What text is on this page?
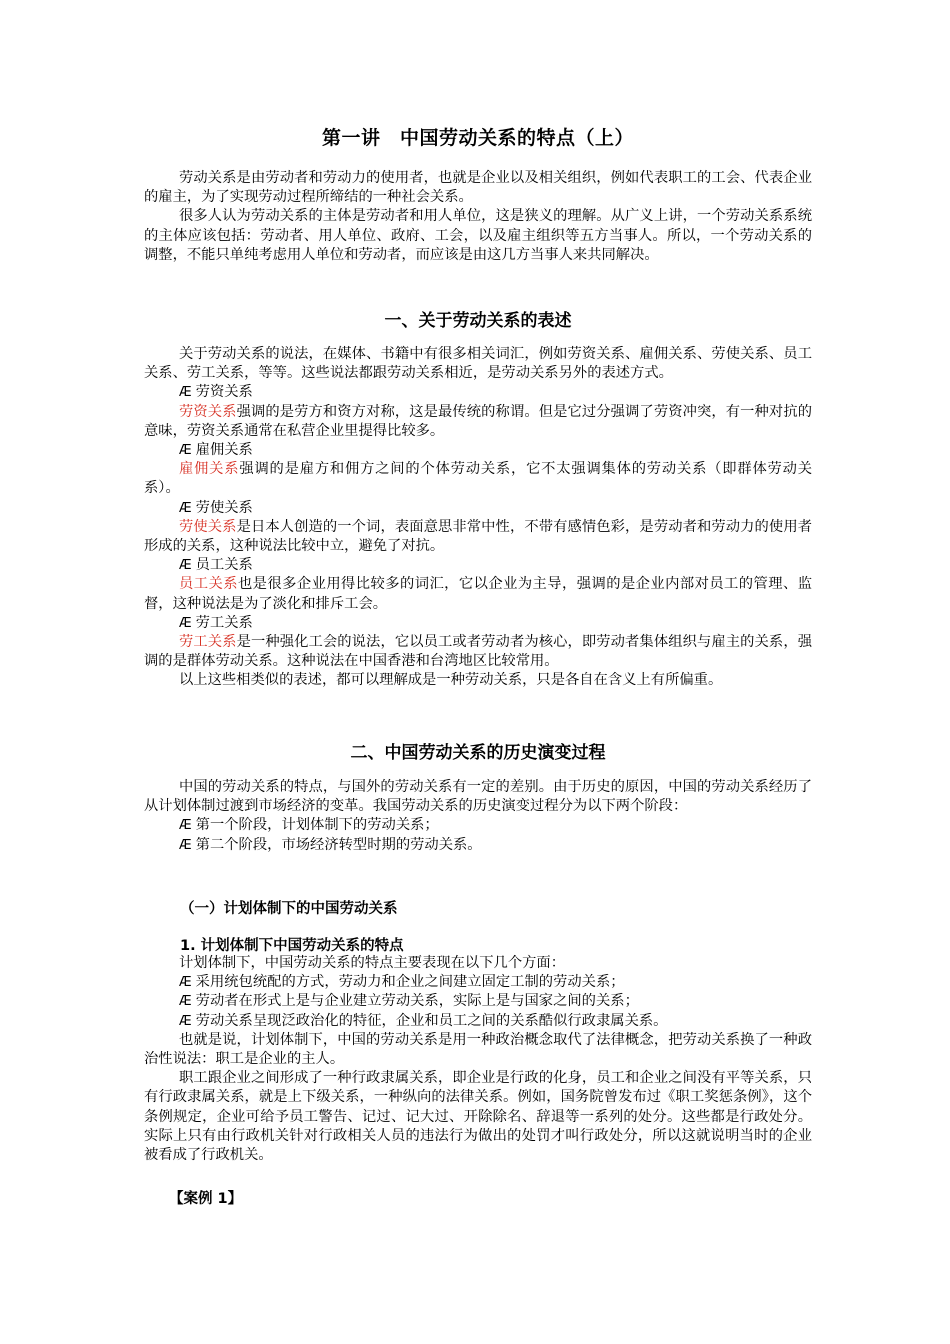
第一讲　中国劳动关系的特点（上）

劳动关系是由劳动者和劳动力的使用者，也就是企业以及相关组织，例如代表职工的工会、代表企业的雇主，为了实现劳动过程所缔结的一种社会关系。

很多人认为劳动关系的主体是劳动者和用人单位，这是狭义的理解。从广义上讲，一个劳动关系系统的主体应该包括：劳动者、用人单位、政府、工会，以及雇主组织等五方当事人。所以，一个劳动关系的调整，不能只单纯考虑用人单位和劳动者，而应该是由这几方当事人来共同解决。

一、关于劳动关系的表述

关于劳动关系的说法，在媒体、书籍中有很多相关词汇，例如劳资关系、雇佣关系、劳使关系、员工关系、劳工关系，等等。这些说法都跟劳动关系相近，是劳动关系另外的表述方式。

Æ 劳资关系

劳资关系强调的是劳方和资方对称，这是最传统的称谓。但是它过分强调了劳资冲突，有一种对抗的意味，劳资关系通常在私营企业里提得比较多。

Æ 雇佣关系

雇佣关系强调的是雇方和佣方之间的个体劳动关系，它不太强调集体的劳动关系（即群体劳动关系）。

Æ 劳使关系

劳使关系是日本人创造的一个词，表面意思非常中性，不带有感情色彩，是劳动者和劳动力的使用者形成的关系，这种说法比较中立，避免了对抗。

Æ 员工关系

员工关系也是很多企业用得比较多的词汇，它以企业为主导，强调的是企业内部对员工的管理、监督，这种说法是为了淡化和排斥工会。

Æ 劳工关系

劳工关系是一种强化工会的说法，它以员工或者劳动者为核心，即劳动者集体组织与雇主的关系，强调的是群体劳动关系。这种说法在中国香港和台湾地区比较常用。

以上这些相类似的表述，都可以理解成是一种劳动关系，只是各自在含义上有所偏重。

二、中国劳动关系的历史演变过程

中国的劳动关系的特点，与国外的劳动关系有一定的差别。由于历史的原因，中国的劳动关系经历了从计划体制过渡到市场经济的变革。我国劳动关系的历史演变过程分为以下两个阶段：

Æ 第一个阶段，计划体制下的劳动关系；
Æ 第二个阶段，市场经济转型时期的劳动关系。
（一）计划体制下的中国劳动关系
1. 计划体制下中国劳动关系的特点

计划体制下，中国劳动关系的特点主要表现在以下几个方面：

Æ 采用统包统配的方式，劳动力和企业之间建立固定工制的劳动关系；
Æ 劳动者在形式上是与企业建立劳动关系，实际上是与国家之间的关系；
Æ 劳动关系呈现泛政治化的特征，企业和员工之间的关系酷似行政隶属关系。

也就是说，计划体制下，中国的劳动关系是用一种政治概念取代了法律概念，把劳动关系换了一种政治性说法：职工是企业的主人。

职工跟企业之间形成了一种行政隶属关系，即企业是行政的化身，员工和企业之间没有平等关系，只有行政隶属关系，就是上下级关系，一种纵向的法律关系。例如，国务院曾发布过《职工奖惩条例》，这个条例规定，企业可给予员工警告、记过、记大过、开除除名、辞退等一系列的处分。这些都是行政处分。实际上只有由行政机关针对行政相关人员的违法行为做出的处罚才叫行政处分，所以这就说明当时的企业被看成了行政机关。

【案例 1】
